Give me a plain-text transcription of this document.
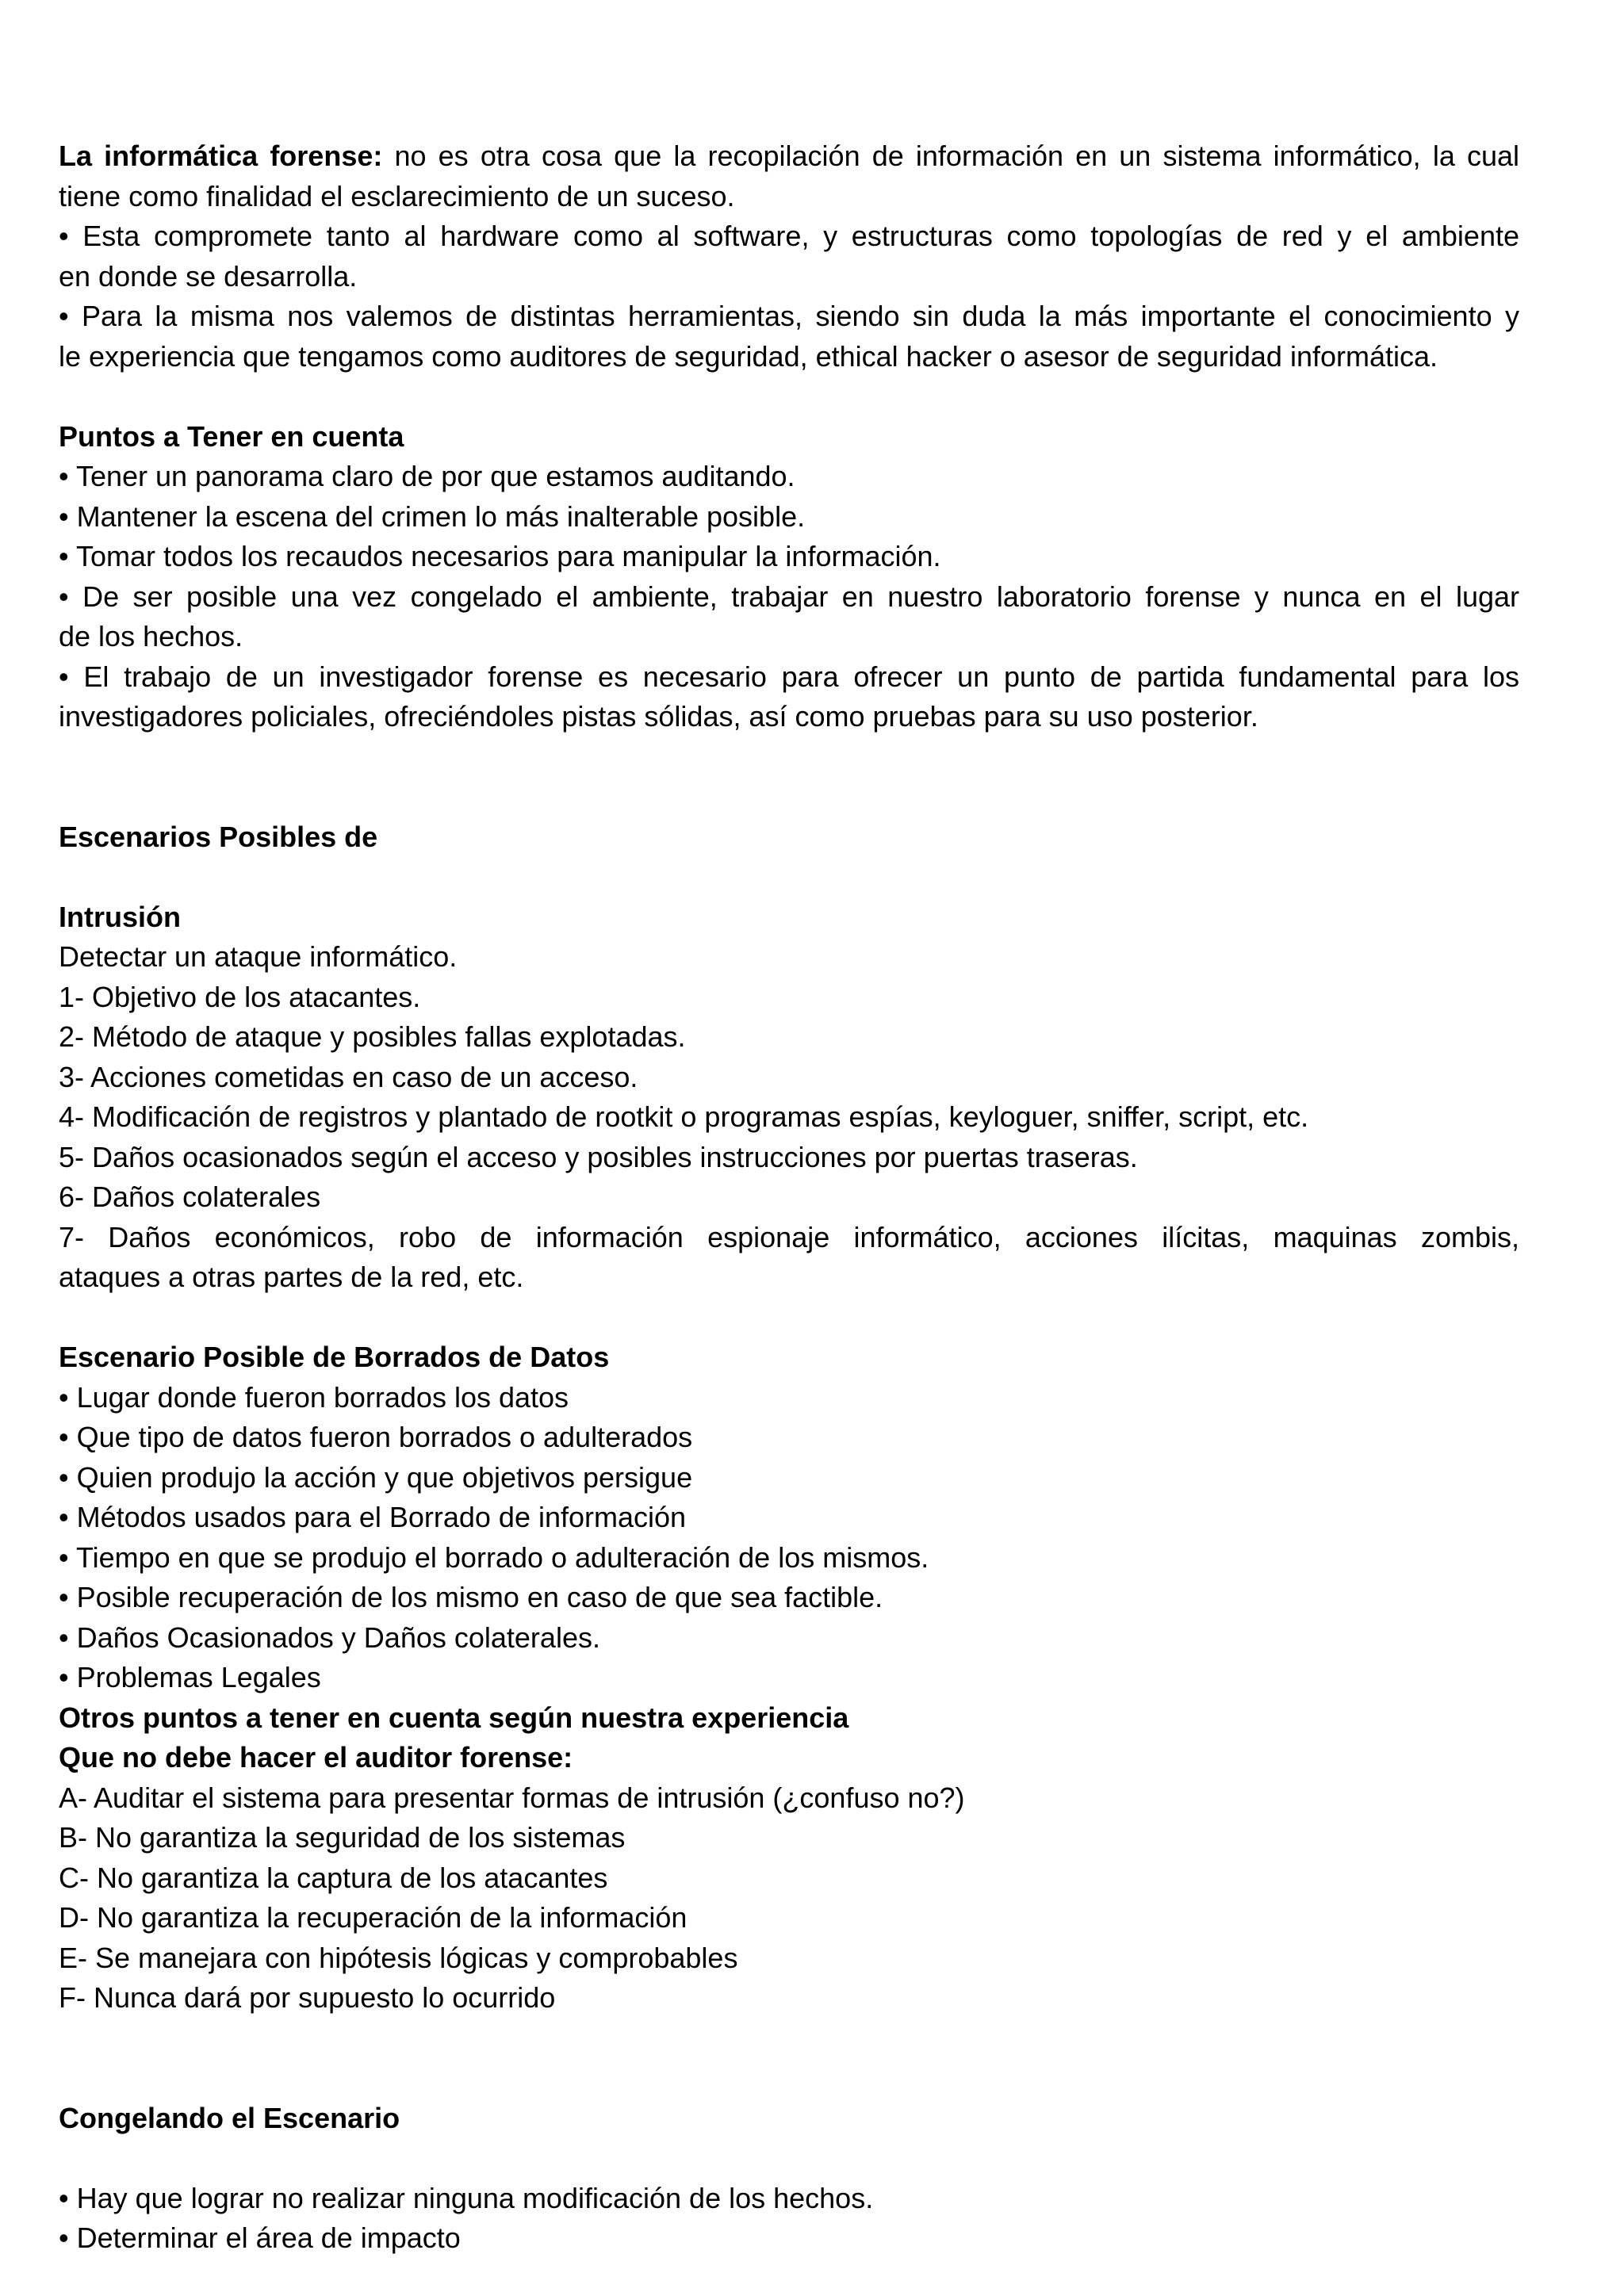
La informática forense: no es otra cosa que la recopilación de información en un sistema informático, la cual
tiene como finalidad el esclarecimiento de un suceso.
• Esta compromete tanto al hardware como al software, y estructuras como topologías de red y el ambiente
en donde se desarrolla.
• Para la misma nos valemos de distintas herramientas, siendo sin duda la más importante el conocimiento y
le experiencia que tengamos como auditores de seguridad, ethical hacker o asesor de seguridad informática.
Puntos a Tener en cuenta
• Tener un panorama claro de por que estamos auditando.
• Mantener la escena del crimen lo más inalterable posible.
• Tomar todos los recaudos necesarios para manipular la información.
• De ser posible una vez congelado el ambiente, trabajar en nuestro laboratorio forense y nunca en el lugar
de los hechos.
• El trabajo de un investigador forense es necesario para ofrecer un punto de partida fundamental para los
investigadores policiales, ofreciéndoles pistas sólidas, así como pruebas para su uso posterior.
Escenarios Posibles de
Intrusión
Detectar un ataque informático.
1- Objetivo de los atacantes.
2- Método de ataque y posibles fallas explotadas.
3- Acciones cometidas en caso de un acceso.
4- Modificación de registros y plantado de rootkit o programas espías, keyloguer, sniffer, script, etc.
5- Daños ocasionados según el acceso y posibles instrucciones por puertas traseras.
6- Daños colaterales
7- Daños económicos, robo de información espionaje informático, acciones ilícitas, maquinas zombis,
ataques a otras partes de la red, etc.
Escenario Posible de Borrados de Datos
• Lugar donde fueron borrados los datos
• Que tipo de datos fueron borrados o adulterados
• Quien produjo la acción y que objetivos persigue
• Métodos usados para el Borrado de información
• Tiempo en que se produjo el borrado o adulteración de los mismos.
• Posible recuperación de los mismo en caso de que sea factible.
• Daños Ocasionados y Daños colaterales.
• Problemas Legales
Otros puntos a tener en cuenta según nuestra experiencia
Que no debe hacer el auditor forense:
A- Auditar el sistema para presentar formas de intrusión (¿confuso no?)
B- No garantiza la seguridad de los sistemas
C- No garantiza la captura de los atacantes
D- No garantiza la recuperación de la información
E- Se manejara con hipótesis lógicas y comprobables
F- Nunca dará por supuesto lo ocurrido
Congelando el Escenario
• Hay que lograr no realizar ninguna modificación de los hechos.
• Determinar el área de impacto
